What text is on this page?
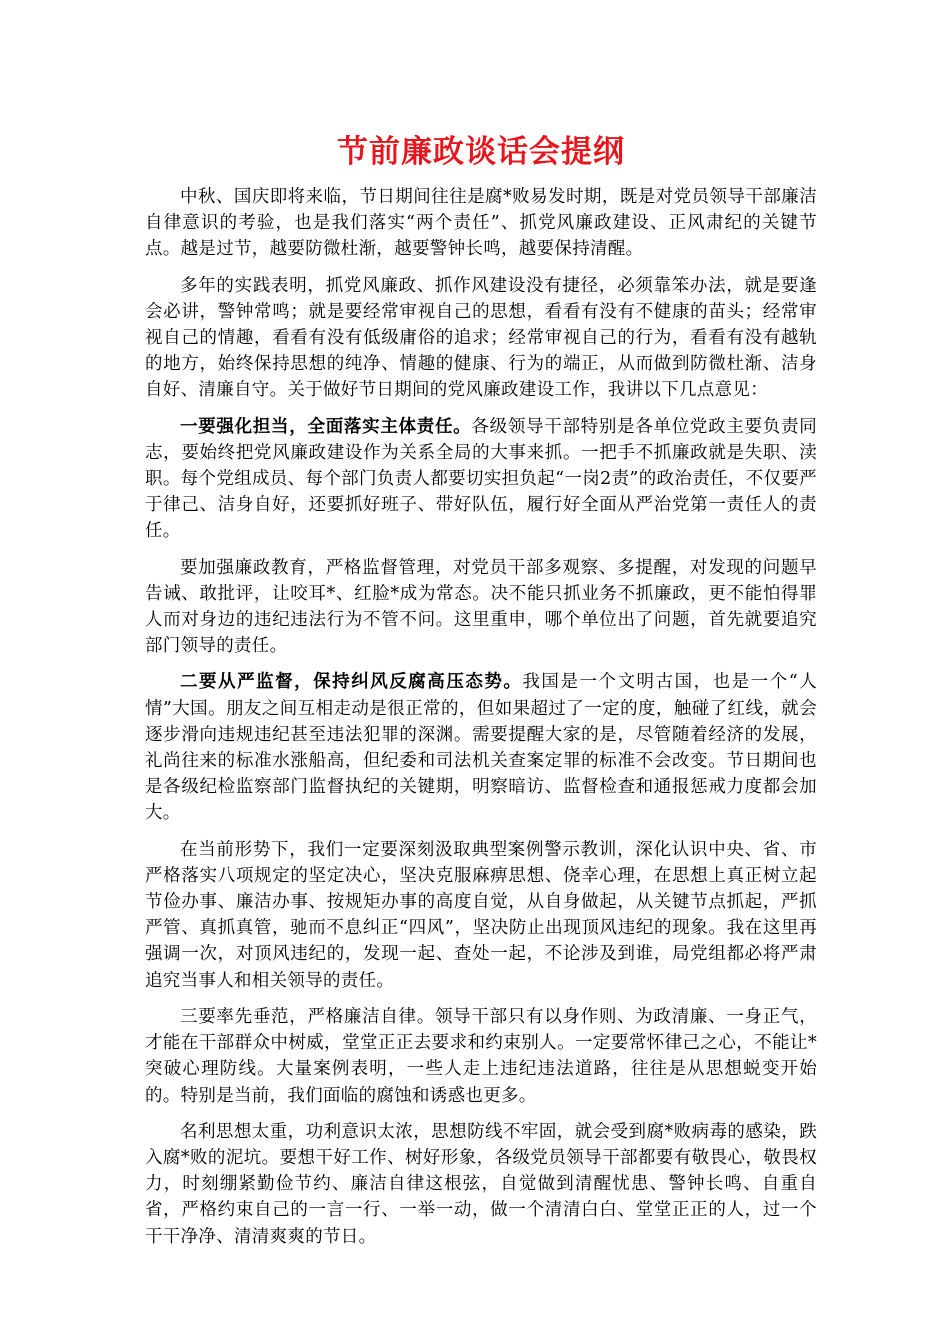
节前廉政谈话会提纲

中秋、国庆即将来临，节日期间往往是腐*败易发时期，既是对党员领导干部廉洁自律意识的考验，也是我们落实“两个责任”、抓党风廉政建设、正风肃纪的关键节点。越是过节，越要防微杜渐，越要警钟长鸣，越要保持清醒。

多年的实践表明，抓党风廉政、抓作风建设没有捷径，必须靠笨办法，就是要逢会必讲，警钟常鸣；就是要经常审视自己的思想，看看有没有不健康的苗头；经常审视自己的情趣，看看有没有低级庸俗的追求；经常审视自己的行为，看看有没有越轨的地方，始终保持思想的纯净、情趣的健康、行为的端正，从而做到防微杜渐、洁身自好、清廉自守。关于做好节日期间的党风廉政建设工作，我讲以下几点意见：

一要强化担当，全面落实主体责任。各级领导干部特别是各单位党政主要负责同志，要始终把党风廉政建设作为关系全局的大事来抓。一把手不抓廉政就是失职、渎职。每个党组成员、每个部门负责人都要切实担负起“一岗2责”的政治责任，不仅要严于律己、洁身自好，还要抓好班子、带好队伍，履行好全面从严治党第一责任人的责任。

要加强廉政教育，严格监督管理，对党员干部多观察、多提醒，对发现的问题早告诫、敢批评，让咬耳*、红脸*成为常态。决不能只抓业务不抓廉政，更不能怕得罪人而对身边的违纪违法行为不管不问。这里重申，哪个单位出了问题，首先就要追究部门领导的责任。

二要从严监督，保持纠风反腐高压态势。我国是一个文明古国，也是一个“人情”大国。朋友之间互相走动是很正常的，但如果超过了一定的度，触碰了红线，就会逐步滑向违规违纪甚至违法犯罪的深渊。需要提醒大家的是，尽管随着经济的发展，礼尚往来的标准水涨船高，但纪委和司法机关查案定罪的标准不会改变。节日期间也是各级纪检监察部门监督执纪的关键期，明察暗访、监督检查和通报惩戒力度都会加大。

在当前形势下，我们一定要深刻汲取典型案例警示教训，深化认识中央、省、市严格落实八项规定的坚定决心，坚决克服麻痹思想、侥幸心理，在思想上真正树立起节俭办事、廉洁办事、按规矩办事的高度自觉，从自身做起，从关键节点抓起，严抓严管、真抓真管，驰而不息纠正“四风”，坚决防止出现顶风违纪的现象。我在这里再强调一次，对顶风违纪的，发现一起、查处一起，不论涉及到谁，局党组都必将严肃追究当事人和相关领导的责任。

三要率先垂范，严格廉洁自律。领导干部只有以身作则、为政清廉、一身正气，才能在干部群众中树威，堂堂正正去要求和约束别人。一定要常怀律己之心，不能让*突破心理防线。大量案例表明，一些人走上违纪违法道路，往往是从思想蜕变开始的。特别是当前，我们面临的腐蚀和诱惑也更多。

名利思想太重，功利意识太浓，思想防线不牢固，就会受到腐*败病毒的感染，跌入腐*败的泥坑。要想干好工作、树好形象，各级党员领导干部都要有敬畏心，敬畏权力，时刻绷紧勤俭节约、廉洁自律这根弦，自觉做到清醒忧患、警钟长鸣、自重自省，严格约束自己的一言一行、一举一动，做一个清清白白、堂堂正正的人，过一个干干净净、清清爽爽的节日。
